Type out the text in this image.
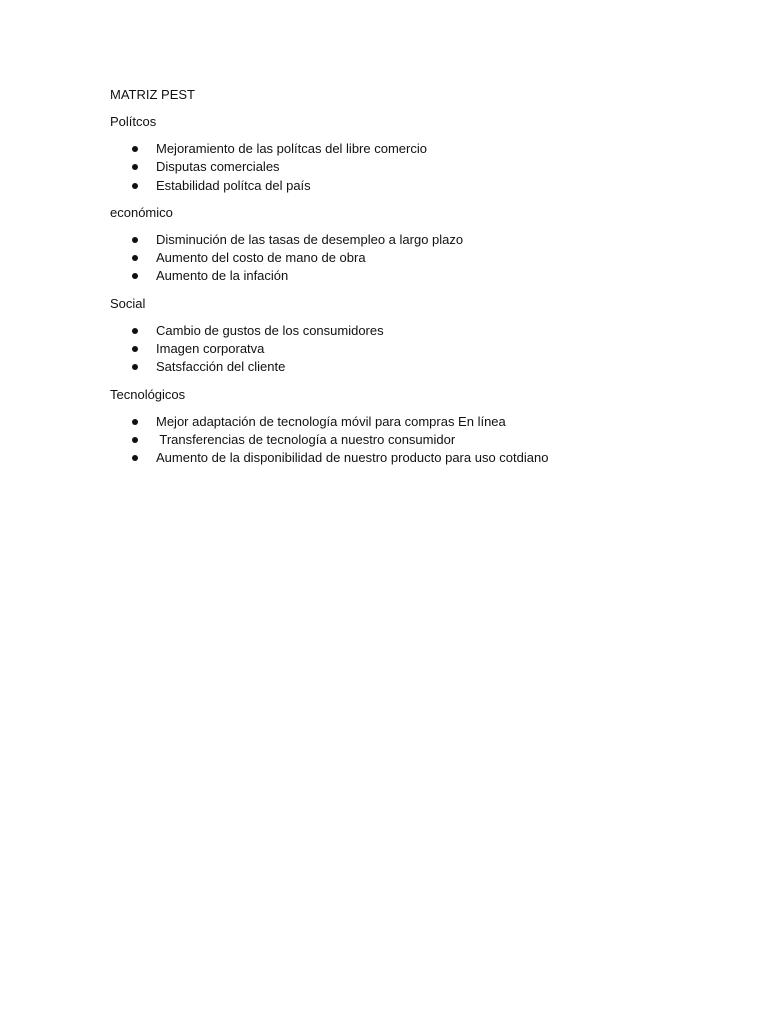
MATRIZ PEST
Polítcos
Mejoramiento de las polítcas del libre comercio
Disputas comerciales
Estabilidad polítca del país
económico
Disminución de las tasas de desempleo a largo plazo
Aumento del costo de mano de obra
Aumento de la infación
Social
Cambio de gustos de los consumidores
Imagen corporatva
Satsfacción del cliente
Tecnológicos
Mejor adaptación de tecnología móvil para compras En línea
Transferencias de tecnología a nuestro consumidor
Aumento de la disponibilidad de nuestro producto para uso cotdiano
